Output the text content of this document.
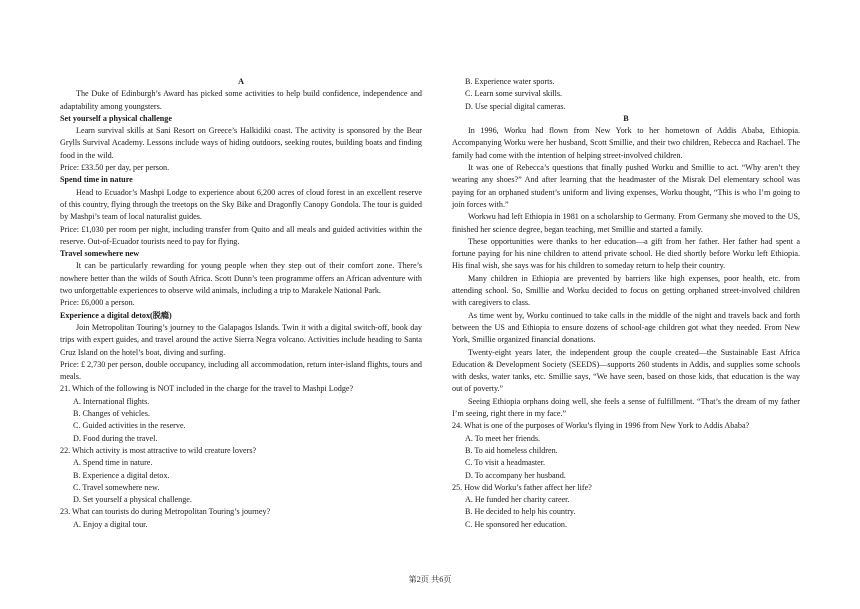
A

The Duke of Edinburgh’s Award has picked some activities to help build confidence, independence and adaptability among youngsters.

Set yourself a physical challenge

Learn survival skills at Sani Resort on Greece’s Halkidiki coast. The activity is sponsored by the Bear Grylls Survival Academy. Lessons include ways of hiding outdoors, seeking routes, building boats and finding food in the wild.

Price: £33.50 per day, per person.

Spend time in nature

Head to Ecuador’s Mashpi Lodge to experience about 6,200 acres of cloud forest in an excellent reserve of this country, flying through the treetops on the Sky Bike and Dragonfly Canopy Gondola. The tour is guided by Mashpi’s team of local naturalist guides.

Price: £1,030 per room per night, including transfer from Quito and all meals and guided activities within the reserve. Out-of-Ecuador tourists need to pay for flying.

Travel somewhere new

It can be particularly rewarding for young people when they step out of their comfort zone. There’s nowhere better than the wilds of South Africa. Scott Dunn’s teen programme offers an African adventure with two unforgettable experiences to observe wild animals, including a trip to Marakele National Park.

Price: £6,000 a person.

Experience a digital detox(脱瘾)

Join Metropolitan Touring’s journey to the Galapagos Islands. Twin it with a digital switch-off, book day trips with expert guides, and travel around the active Sierra Negra volcano. Activities include heading to Santa Cruz Island on the hotel’s boat, diving and surfing.

Price: £ 2,730 per person, double occupancy, including all accommodation, return inter-island flights, tours and meals.

21. Which of the following is NOT included in the charge for the travel to Mashpi Lodge?

A. International flights.

B. Changes of vehicles.

C. Guided activities in the reserve.

D. Food during the travel.

22. Which activity is most attractive to wild creature lovers?

A. Spend time in nature.

B. Experience a digital detox.

C. Travel somewhere new.

D. Set yourself a physical challenge.

23. What can tourists do during Metropolitan Touring’s journey?

A. Enjoy a digital tour.

B. Experience water sports.

C. Learn some survival skills.

D. Use special digital cameras.

B

In 1996, Worku had flown from New York to her hometown of Addis Ababa, Ethiopia. Accompanying Worku were her husband, Scott Smillie, and their two children, Rebecca and Rachael. The family had come with the intention of helping street-involved children.

It was one of Rebecca’s questions that finally pushed Worku and Smillie to act. “Why aren’t they wearing any shoes?” And after learning that the headmaster of the Misrak Del elementary school was paying for an orphaned student’s uniform and living expenses, Worku thought, “This is who I’m going to join forces with.”

Workwu had left Ethiopia in 1981 on a scholarship to Germany. From Germany she moved to the US, finished her science degree, began teaching, met Smillie and started a family.

These opportunities were thanks to her education—a gift from her father. Her father had spent a fortune paying for his nine children to attend private school. He died shortly before Worku left Ethiopia. His final wish, she says was for his children to someday return to help their country.

Many children in Ethiopia are prevented by barriers like high expenses, poor health, etc. from attending school. So, Smillie and Worku decided to focus on getting orphaned street-involved children with caregivers to class.

As time went by, Worku continued to take calls in the middle of the night and travels back and forth between the US and Ethiopia to ensure dozens of school-age children got what they needed. From New York, Smillie organized financial donations.

Twenty-eight years later, the independent group the couple created—the Sustainable East Africa Education & Development Society (SEEDS)—supports 260 students in Addis, and supplies some schools with desks, water tanks, etc. Smillie says, “We have seen, based on those kids, that education is the way out of poverty.”

Seeing Ethiopia orphans doing well, she feels a sense of fulfillment. “That’s the dream of my father I’m seeing, right there in my face.”

24. What is one of the purposes of Worku’s flying in 1996 from New York to Addis Ababa?

A. To meet her friends.

B. To aid homeless children.

C. To visit a headmaster.

D. To accompany her husband.

25. How did Worku’s father affect her life?

A. He funded her charity career.

B. He decided to help his country.

C. He sponsored her education.

第2页 共6页
